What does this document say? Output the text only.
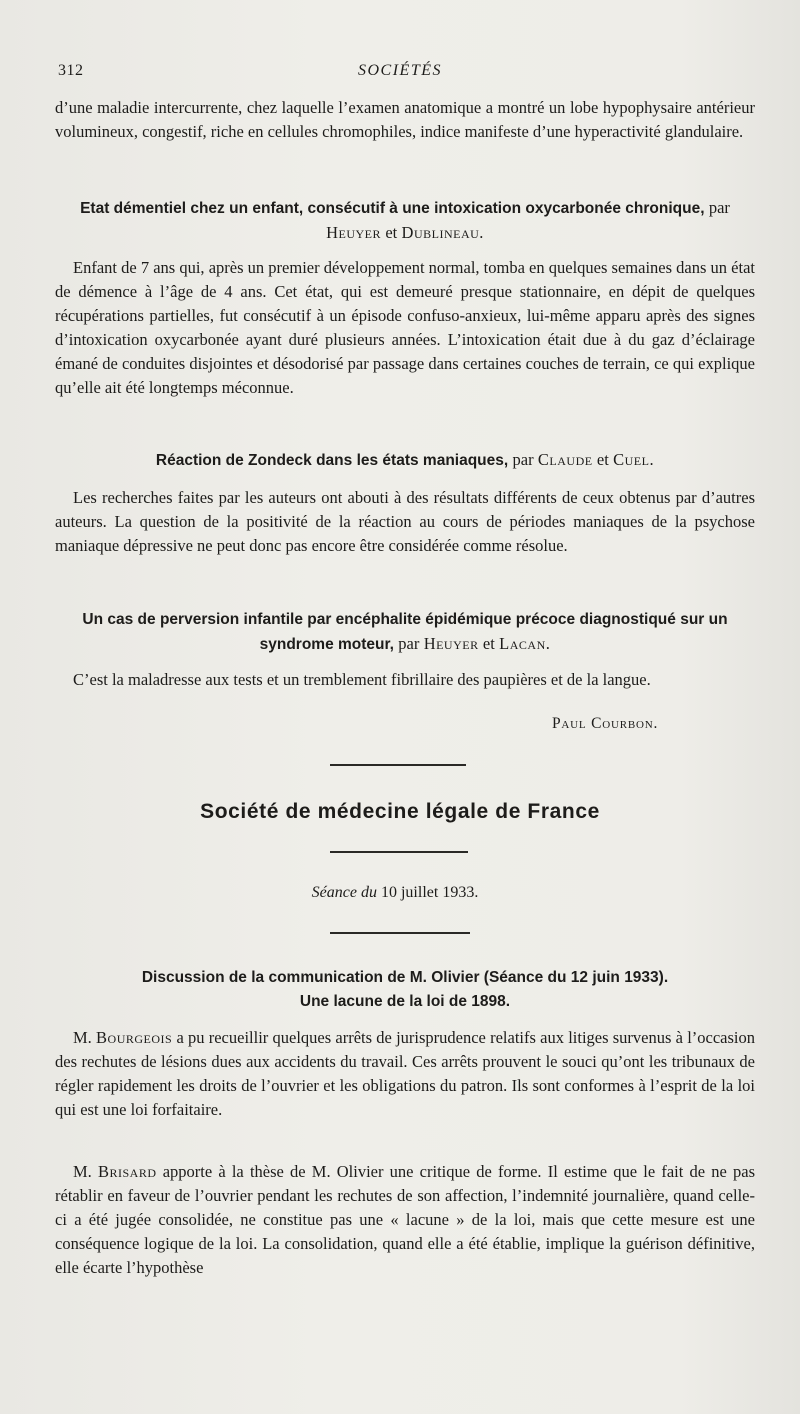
312	SOCIÉTÉS
d’une maladie intercurrente, chez laquelle l’examen anatomique a montré un lobe hypophysaire antérieur volumineux, congestif, riche en cellules chromophiles, indice manifeste d’une hyperactivité glandulaire.
Etat démentiel chez un enfant, consécutif à une intoxication oxycarbonée chronique, par Heuyer et Dublineau.
Enfant de 7 ans qui, après un premier développement normal, tomba en quelques semaines dans un état de démence à l’âge de 4 ans. Cet état, qui est demeuré presque stationnaire, en dépit de quelques récupérations partielles, fut consécutif à un épisode confuso-anxieux, lui-même apparu après des signes d’intoxication oxycarbonée ayant duré plusieurs années. L’intoxication était due à du gaz d’éclairage émané de conduites disjointes et désodorisé par passage dans certaines couches de terrain, ce qui explique qu’elle ait été longtemps méconnue.
Réaction de Zondeck dans les états maniaques, par Claude et Cuel.
Les recherches faites par les auteurs ont abouti à des résultats différents de ceux obtenus par d’autres auteurs. La question de la positivité de la réaction au cours de périodes maniaques de la psychose maniaque dépressive ne peut donc pas encore être considérée comme résolue.
Un cas de perversion infantile par encéphalite épidémique précoce diagnostiqué sur un syndrome moteur, par Heuyer et Lacan.
C’est la maladresse aux tests et un tremblement fibrillaire des paupières et de la langue.
Paul Courbon.
Société de médecine légale de France
Séance du 10 juillet 1933.
Discussion de la communication de M. Olivier (Séance du 12 juin 1933).
Une lacune de la loi de 1898.
M. Bourgeois a pu recueillir quelques arrêts de jurisprudence relatifs aux litiges survenus à l’occasion des rechutes de lésions dues aux accidents du travail. Ces arrêts prouvent le souci qu’ont les tribunaux de régler rapidement les droits de l’ouvrier et les obligations du patron. Ils sont conformes à l’esprit de la loi qui est une loi forfaitaire.
M. Brisard apporte à la thèse de M. Olivier une critique de forme. Il estime que le fait de ne pas rétablir en faveur de l’ouvrier pendant les rechutes de son affection, l’indemnité journalière, quand celle-ci a été jugée consolidée, ne constitue pas une « lacune » de la loi, mais que cette mesure est une conséquence logique de la loi. La consolidation, quand elle a été établie, implique la guérison définitive, elle écarte l’hypothèse
